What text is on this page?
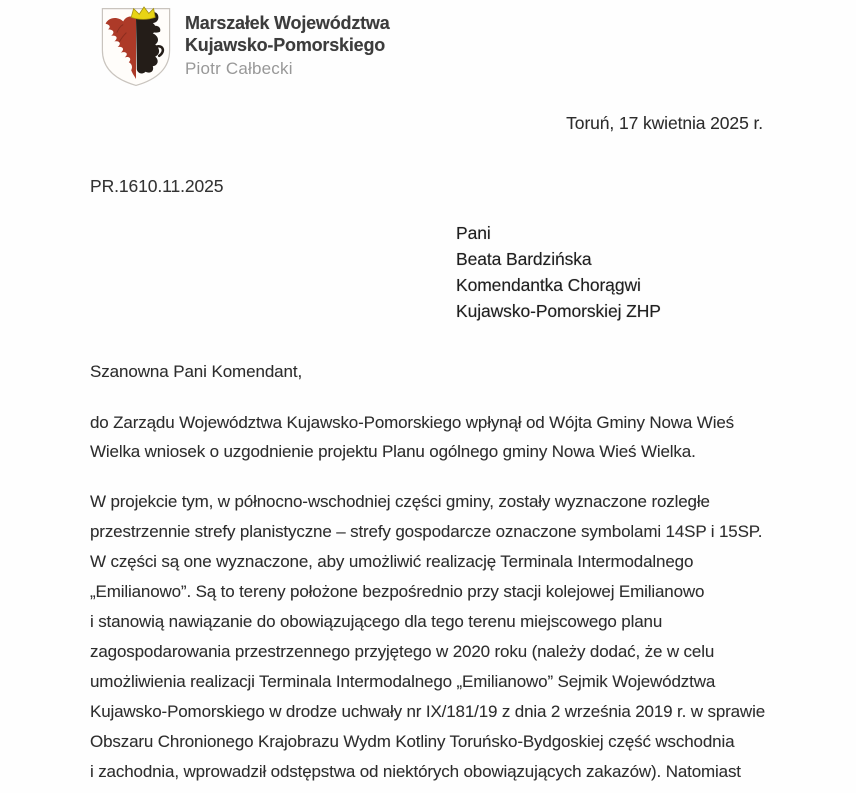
Marszałek Województwa
Kujawsko-Pomorskiego
Piotr Całbecki
Toruń, 17 kwietnia 2025 r.
PR.1610.11.2025
Pani
Beata Bardzińska
Komendantka Chorągwi
Kujawsko-Pomorskiej ZHP
Szanowna Pani Komendant,
do Zarządu Województwa Kujawsko-Pomorskiego wpłynął od Wójta Gminy Nowa Wieś
Wielka wniosek o uzgodnienie projektu Planu ogólnego gminy Nowa Wieś Wielka.
W projekcie tym, w północno-wschodniej części gminy, zostały wyznaczone rozległe
przestrzennie strefy planistyczne – strefy gospodarcze oznaczone symbolami 14SP i 15SP.
W części są one wyznaczone, aby umożliwić realizację Terminala Intermodalnego
„Emilianowo”. Są to tereny położone bezpośrednio przy stacji kolejowej Emilianowo
i stanowią nawiązanie do obowiązującego dla tego terenu miejscowego planu
zagospodarowania przestrzennego przyjętego w 2020 roku (należy dodać, że w celu
umożliwienia realizacji Terminala Intermodalnego „Emilianowo” Sejmik Województwa
Kujawsko-Pomorskiego w drodze uchwały nr IX/181/19 z dnia 2 września 2019 r. w sprawie
Obszaru Chronionego Krajobrazu Wydm Kotliny Toruńsko-Bydgoskiej część wschodnia
i zachodnia, wprowadził odstępstwa od niektórych obowiązujących zakazów). Natomiast
